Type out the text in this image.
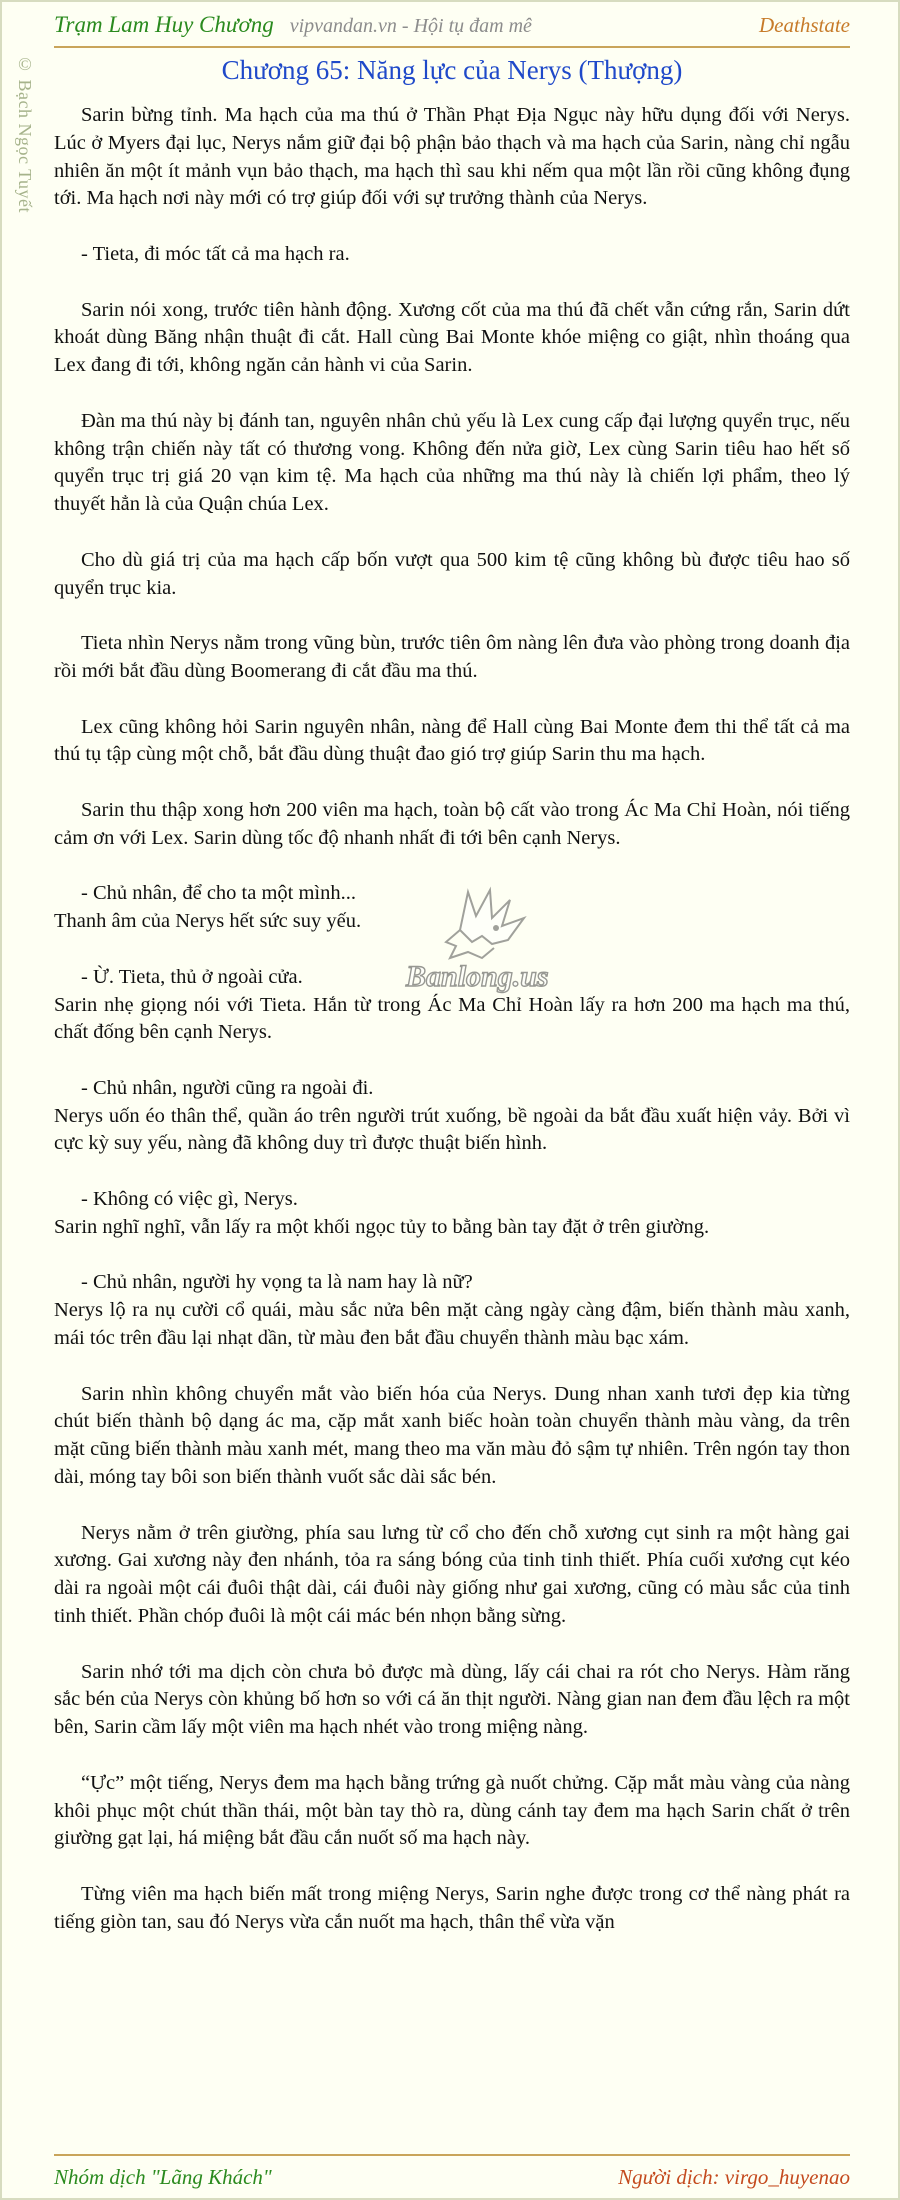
Trạm Lam Huy Chương vipvandan.vn - Hội tụ đam mê	Deathstate
© Bạch Ngọc Tuyết	Chương 65: Năng lực của Nerys (Thượng)
Sarin bừng tỉnh. Ma hạch của ma thú ở Thần Phạt Địa Ngục này hữu dụng đối với Nerys. Lúc ở Myers đại lục, Nerys nắm giữ đại bộ phận bảo thạch và ma hạch của Sarin, nàng chỉ ngẫu nhiên ăn một ít mảnh vụn bảo thạch, ma hạch thì sau khi nếm qua một lần rồi cũng không đụng tới. Ma hạch nơi này mới có trợ giúp đối với sự trưởng thành của Nerys.
- Tieta, đi móc tất cả ma hạch ra.
Sarin nói xong, trước tiên hành động. Xương cốt của ma thú đã chết vẫn cứng rắn, Sarin dứt khoát dùng Băng nhận thuật đi cắt. Hall cùng Bai Monte khóe miệng co giật, nhìn thoáng qua Lex đang đi tới, không ngăn cản hành vi của Sarin.
Đàn ma thú này bị đánh tan, nguyên nhân chủ yếu là Lex cung cấp đại lượng quyển trục, nếu không trận chiến này tất có thương vong. Không đến nửa giờ, Lex cùng Sarin tiêu hao hết số quyển trục trị giá 20 vạn kim tệ. Ma hạch của những ma thú này là chiến lợi phẩm, theo lý thuyết hẳn là của Quận chúa Lex.
Cho dù giá trị của ma hạch cấp bốn vượt qua 500 kim tệ cũng không bù được tiêu hao số quyển trục kia.
Tieta nhìn Nerys nằm trong vũng bùn, trước tiên ôm nàng lên đưa vào phòng trong doanh địa rồi mới bắt đầu dùng Boomerang đi cắt đầu ma thú.
Lex cũng không hỏi Sarin nguyên nhân, nàng để Hall cùng Bai Monte đem thi thể tất cả ma thú tụ tập cùng một chỗ, bắt đầu dùng thuật đao gió trợ giúp Sarin thu ma hạch.
Sarin thu thập xong hơn 200 viên ma hạch, toàn bộ cất vào trong Ác Ma Chỉ Hoàn, nói tiếng cảm ơn với Lex. Sarin dùng tốc độ nhanh nhất đi tới bên cạnh Nerys.
- Chủ nhân, để cho ta một mình...
Thanh âm của Nerys hết sức suy yếu.
- Ừ. Tieta, thủ ở ngoài cửa.
Sarin nhẹ giọng nói với Tieta. Hắn từ trong Ác Ma Chỉ Hoàn lấy ra hơn 200 ma hạch ma thú, chất đống bên cạnh Nerys.
- Chủ nhân, người cũng ra ngoài đi.
Nerys uốn éo thân thể, quần áo trên người trút xuống, bề ngoài da bắt đầu xuất hiện vảy. Bởi vì cực kỳ suy yếu, nàng đã không duy trì được thuật biến hình.
- Không có việc gì, Nerys.
Sarin nghĩ nghĩ, vẫn lấy ra một khối ngọc tủy to bằng bàn tay đặt ở trên giường.
- Chủ nhân, người hy vọng ta là nam hay là nữ?
Nerys lộ ra nụ cười cổ quái, màu sắc nửa bên mặt càng ngày càng đậm, biến thành màu xanh, mái tóc trên đầu lại nhạt dần, từ màu đen bắt đầu chuyển thành màu bạc xám.
Sarin nhìn không chuyển mắt vào biến hóa của Nerys. Dung nhan xanh tươi đẹp kia từng chút biến thành bộ dạng ác ma, cặp mắt xanh biếc hoàn toàn chuyển thành màu vàng, da trên mặt cũng biến thành màu xanh mét, mang theo ma văn màu đỏ sậm tự nhiên. Trên ngón tay thon dài, móng tay bôi son biến thành vuốt sắc dài sắc bén.
Nerys nằm ở trên giường, phía sau lưng từ cổ cho đến chỗ xương cụt sinh ra một hàng gai xương. Gai xương này đen nhánh, tỏa ra sáng bóng của tinh tinh thiết. Phía cuối xương cụt kéo dài ra ngoài một cái đuôi thật dài, cái đuôi này giống như gai xương, cũng có màu sắc của tinh tinh thiết. Phần chóp đuôi là một cái mác bén nhọn bằng sừng.
Sarin nhớ tới ma dịch còn chưa bỏ được mà dùng, lấy cái chai ra rót cho Nerys. Hàm răng sắc bén của Nerys còn khủng bố hơn so với cá ăn thịt người. Nàng gian nan đem đầu lệch ra một bên, Sarin cầm lấy một viên ma hạch nhét vào trong miệng nàng.
“Ực” một tiếng, Nerys đem ma hạch bằng trứng gà nuốt chửng. Cặp mắt màu vàng của nàng khôi phục một chút thần thái, một bàn tay thò ra, dùng cánh tay đem ma hạch Sarin chất ở trên giường gạt lại, há miệng bắt đầu cắn nuốt số ma hạch này.
Từng viên ma hạch biến mất trong miệng Nerys, Sarin nghe được trong cơ thể nàng phát ra tiếng giòn tan, sau đó Nerys vừa cắn nuốt ma hạch, thân thể vừa vặn
Banlong.us
Nhóm dịch "Lãng Khách"	Người dịch: virgo_huyenao
